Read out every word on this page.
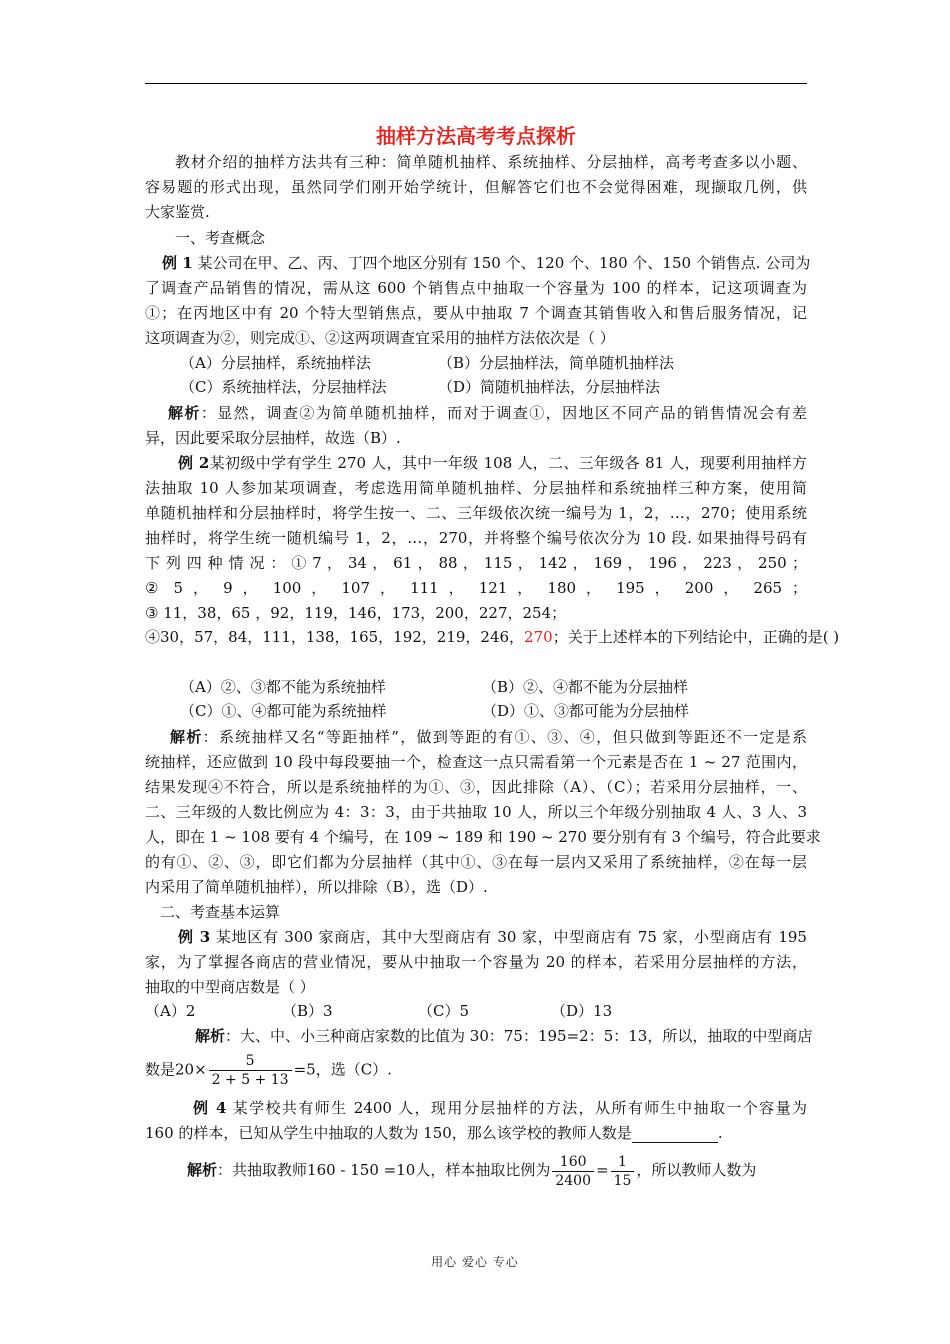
抽样方法高考考点探析
教材介绍的抽样方法共有三种：简单随机抽样、系统抽样、分层抽样，高考考查多以小题、
容易题的形式出现，虽然同学们刚开始学统计，但解答它们也不会觉得困难，现撷取几例，供
大家鉴赏.
一、考查概念
例 1 某公司在甲、乙、丙、丁四个地区分别有 150 个、120 个、180 个、150 个销售点. 公司为
了调查产品销售的情况，需从这 600 个销售点中抽取一个容量为 100 的样本，记这项调查为
①；在丙地区中有 20 个特大型销焦点，要从中抽取 7 个调查其销售收入和售后服务情况，记
这项调查为②，则完成①、②这两项调查宜采用的抽样方法依次是（ ）
（A）分层抽样，系统抽样法	（B）分层抽样法，简单随机抽样法
（C）系统抽样法，分层抽样法	（D）简随机抽样法，分层抽样法
解析：显然，调查②为简单随机抽样，而对于调查①，因地区不同产品的销售情况会有差
异，因此要采取分层抽样，故选（B）.
例 2某初级中学有学生 270 人，其中一年级 108 人，二、三年级各 81 人，现要利用抽样方
法抽取 10 人参加某项调查，考虑选用简单随机抽样、分层抽样和系统抽样三种方案，使用简
单随机抽样和分层抽样时，将学生按一、二、三年级依次统一编号为 1，2，…，270；使用系统
抽样时，将学生统一随机编号 1，2，…，270，并将整个编号依次分为 10 段. 如果抽得号码有
下 列 四 种 情 况 ： ① 7 ， 34 ， 61 ， 88 ， 115 ， 142 ， 169 ， 196 ， 223 ， 250 ；
② 5 ， 9 ， 100 ， 107 ， 111 ， 121 ， 180 ， 195 ， 200 ， 265 ；
③ 11，38，65 ，92，119，146，173，200，227，254；
④30，57，84，111，138，165，192，219，246，270；关于上述样本的下列结论中，正确的是( )
（A）②、③都不能为系统抽样	（B）②、④都不能为分层抽样
（C）①、④都可能为系统抽样	（D）①、③都可能为分层抽样
解析：系统抽样又名“等距抽样”，做到等距的有①、③、④，但只做到等距还不一定是系
统抽样，还应做到 10 段中每段要抽一个，检查这一点只需看第一个元素是否在 1 ~ 27 范围内，
结果发现④不符合，所以是系统抽样的为①、③，因此排除（A）、（C）；若采用分层抽样，一、
二、三年级的人数比例应为 4：3：3，由于共抽取 10 人，所以三个年级分别抽取 4 人、3 人、3
人，即在 1 ~ 108 要有 4 个编号，在 109 ~ 189 和 190 ~ 270 要分别有有 3 个编号，符合此要求
的有①、②、③，即它们都为分层抽样（其中①、③在每一层内又采用了系统抽样，②在每一层
内采用了简单随机抽样），所以排除（B），选（D）.
二、考查基本运算
例 3 某地区有 300 家商店，其中大型商店有 30 家，中型商店有 75 家，小型商店有 195
家，为了掌握各商店的营业情况，要从中抽取一个容量为 20 的样本，若采用分层抽样的方法，
抽取的中型商店数是（ ）
（A）2	（B）3	（C）5	（D）13
解析：大、中、小三种商店家数的比值为 30：75：195=2：5：13，所以，抽取的中型商店
数是$20\times \frac{5}{2 + 5 + 13} =5$，选（C）.
例 4 某学校共有师生 2400 人，现用分层抽样的方法，从所有师生中抽取一个容量为
160 的样本，已知从学生中抽取的人数为 150，那么该学校的教师人数是	.
解析：共抽取教师160 - 150 =10人，样本抽取比例为 $\frac{160}{2400} = \frac{1}{15}$ ，所以教师人数为
用心 爱心 专心
